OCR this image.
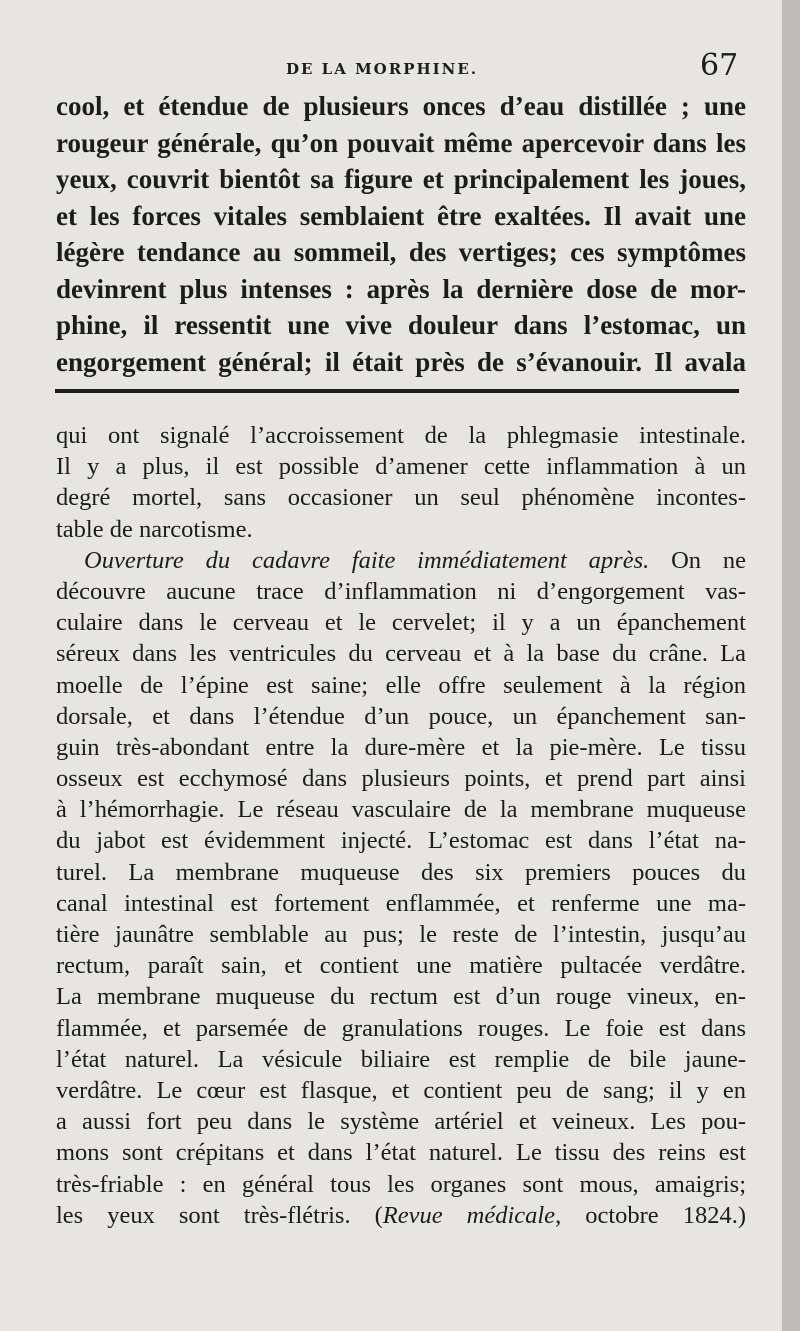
DE LA MORPHINE.	67
cool, et étendue de plusieurs onces d’eau distillée ; une
rougeur générale, qu’on pouvait même apercevoir dans les
yeux, couvrit bientôt sa figure et principalement les joues,
et les forces vitales semblaient être exaltées. Il avait une
légère tendance au sommeil, des vertiges; ces symptômes
devinrent plus intenses : après la dernière dose de mor-
phine, il ressentit une vive douleur dans l’estomac, un
engorgement général; il était près de s’évanouir. Il avala
qui ont signalé l’accroissement de la phlegmasie intestinale.
Il y a plus, il est possible d’amener cette inflammation à un
degré mortel, sans occasioner un seul phénomène incontes-
table de narcotisme.
Ouverture du cadavre faite immédiatement après. On ne
découvre aucune trace d’inflammation ni d’engorgement vas-
culaire dans le cerveau et le cervelet; il y a un épanchement
séreux dans les ventricules du cerveau et à la base du crâne. La
moelle de l’épine est saine; elle offre seulement à la région
dorsale, et dans l’étendue d’un pouce, un épanchement san-
guin très-abondant entre la dure-mère et la pie-mère. Le tissu
osseux est ecchymosé dans plusieurs points, et prend part ainsi
à l’hémorrhagie. Le réseau vasculaire de la membrane muqueuse
du jabot est évidemment injecté. L’estomac est dans l’état na-
turel. La membrane muqueuse des six premiers pouces du
canal intestinal est fortement enflammée, et renferme une ma-
tière jaunâtre semblable au pus; le reste de l’intestin, jusqu’au
rectum, paraît sain, et contient une matière pultacée verdâtre.
La membrane muqueuse du rectum est d’un rouge vineux, en-
flammée, et parsemée de granulations rouges. Le foie est dans
l’état naturel. La vésicule biliaire est remplie de bile jaune-
verdâtre. Le cœur est flasque, et contient peu de sang; il y en
a aussi fort peu dans le système artériel et veineux. Les pou-
mons sont crépitans et dans l’état naturel. Le tissu des reins est
très-friable : en général tous les organes sont mous, amaigris;
les yeux sont très-flétris. (Revue médicale, octobre 1824.)
